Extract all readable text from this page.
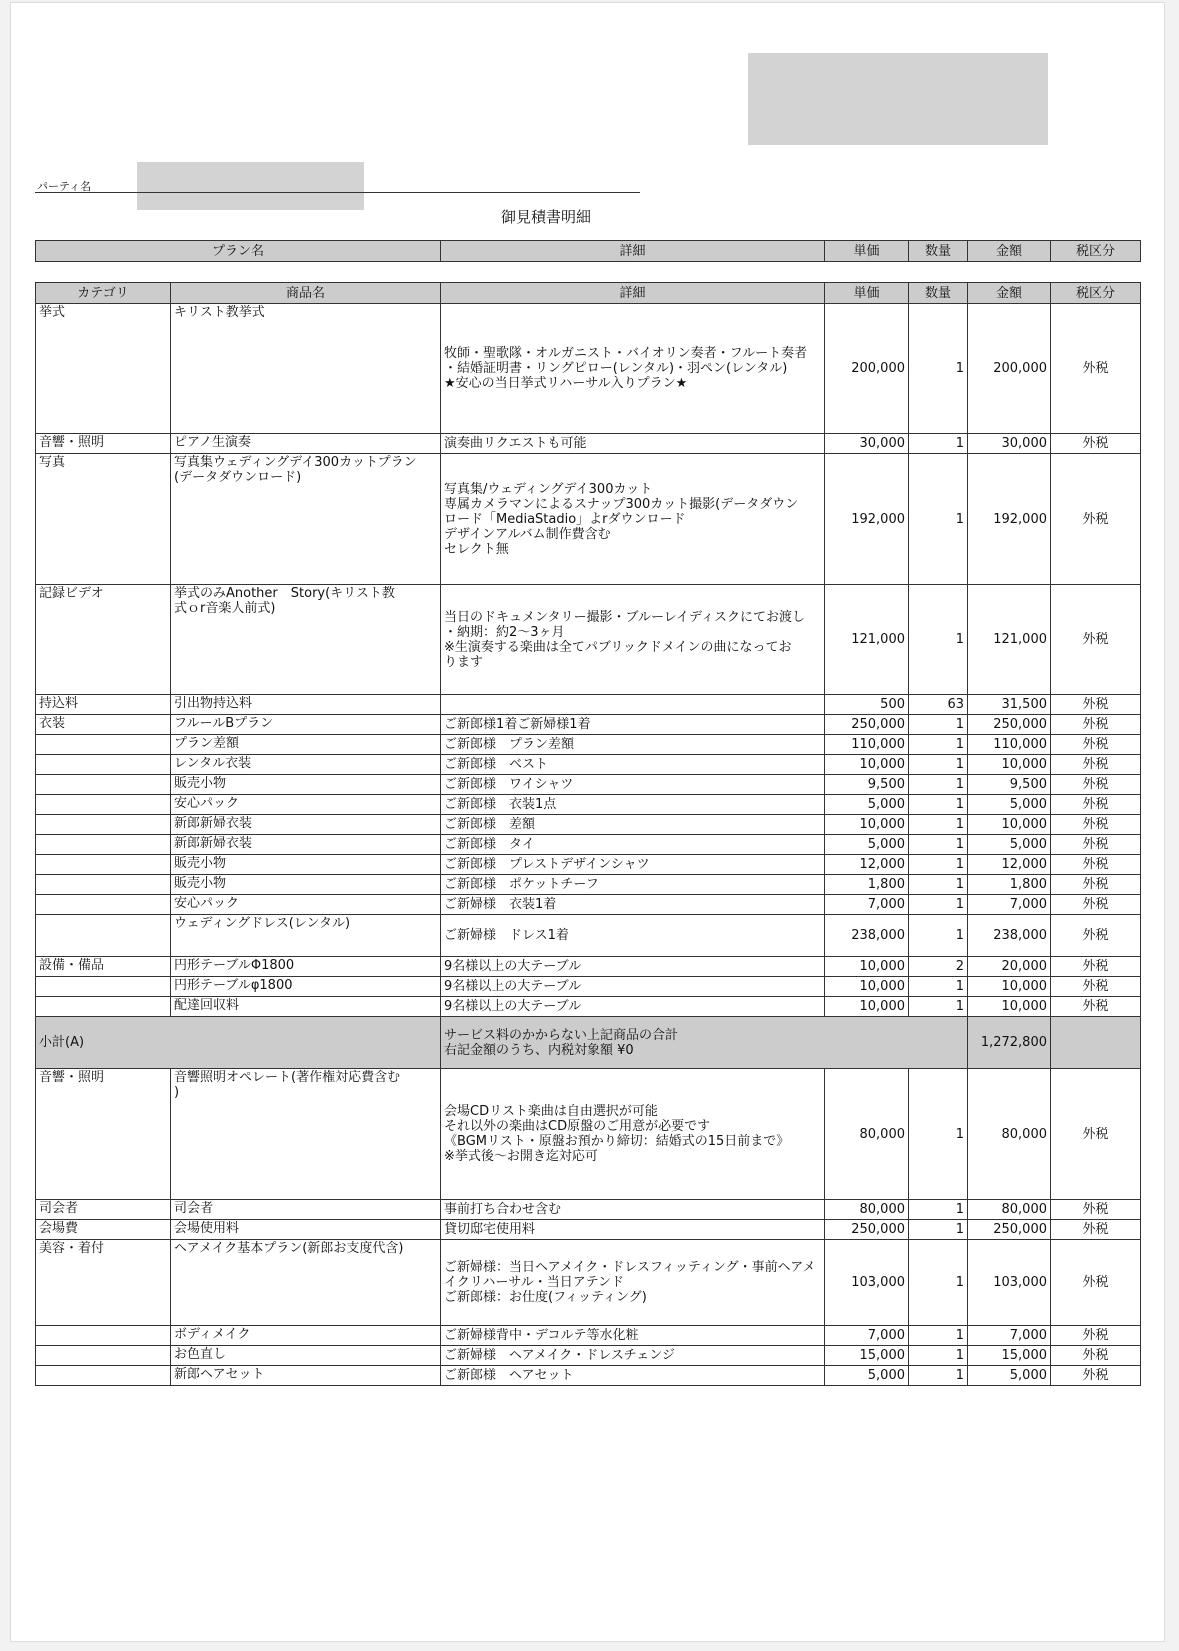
パーティ名
御見積書明細
プラン名	詳細	単価	数量	金額	税区分
カテゴリ	商品名	詳細	単価	数量	金額	税区分
挙式	キリスト教挙式	牧師・聖歌隊・オルガニスト・バイオリン奏者・フルート奏者
・結婚証明書・リングピロー(レンタル)・羽ペン(レンタル)
★安心の当日挙式リハーサル入りプラン★	200,000	1	200,000	外税
音響・照明	ピアノ生演奏	演奏曲リクエストも可能	30,000	1	30,000	外税
写真	写真集ウェディングデイ300カットプラン
(データダウンロード)	写真集/ウェディングデイ300カット
専属カメラマンによるスナップ300カット撮影(データダウン
ロード「MediaStadio」よrダウンロード
デザインアルバム制作費含む
セレクト無	192,000	1	192,000	外税
記録ビデオ	挙式のみAnother　Story(キリスト教
式ｏr音楽人前式)	当日のドキュメンタリー撮影・ブルーレイディスクにてお渡し
・納期：約2～3ヶ月
※生演奏する楽曲は全てパブリックドメインの曲になってお
ります	121,000	1	121,000	外税
持込料	引出物持込料		500	63	31,500	外税
衣装	フルールBプラン	ご新郎様1着ご新婦様1着	250,000	1	250,000	外税

	プラン差額	ご新郎様　プラン差額	110,000	1	110,000	外税

	レンタル衣装	ご新郎様　ベスト	10,000	1	10,000	外税

	販売小物	ご新郎様　ワイシャツ	9,500	1	9,500	外税

	安心パック	ご新郎様　衣装1点	5,000	1	5,000	外税

	新郎新婦衣装	ご新郎様　差額	10,000	1	10,000	外税

	新郎新婦衣装	ご新郎様　タイ	5,000	1	5,000	外税

	販売小物	ご新郎様　プレストデザインシャツ	12,000	1	12,000	外税

	販売小物	ご新郎様　ポケットチーフ	1,800	1	1,800	外税

	安心パック	ご新婦様　衣装1着	7,000	1	7,000	外税

	ウェディングドレス(レンタル)	ご新婦様　ドレス1着	238,000	1	238,000	外税
設備・備品	円形テーブルΦ1800	9名様以上の大テーブル	10,000	2	20,000	外税

	円形テーブルφ1800	9名様以上の大テーブル	10,000	1	10,000	外税

	配達回収料	9名様以上の大テーブル	10,000	1	10,000	外税
小計(A)		サービス料のかからない上記商品の合計
右記金額のうち、内税対象額 ¥0			1,272,800	
音響・照明	音響照明オペレート(著作権対応費含む
)	会場CDリスト楽曲は自由選択が可能
それ以外の楽曲はCD原盤のご用意が必要です
《BGMリスト・原盤お預かり締切：結婚式の15日前まで》
※挙式後～お開き迄対応可	80,000	1	80,000	外税
司会者	司会者	事前打ち合わせ含む	80,000	1	80,000	外税
会場費	会場使用料	貸切邸宅使用料	250,000	1	250,000	外税
美容・着付	ヘアメイク基本プラン(新郎お支度代含)	ご新婦様：当日ヘアメイク・ドレスフィッティング・事前ヘアメ
イクリハーサル・当日アテンド
ご新郎様：お仕度(フィッティング)	103,000	1	103,000	外税

	ボディメイク	ご新婦様背中・デコルテ等水化粧	7,000	1	7,000	外税

	お色直し	ご新婦様　ヘアメイク・ドレスチェンジ	15,000	1	15,000	外税

	新郎ヘアセット	ご新郎様　ヘアセット	5,000	1	5,000	外税
